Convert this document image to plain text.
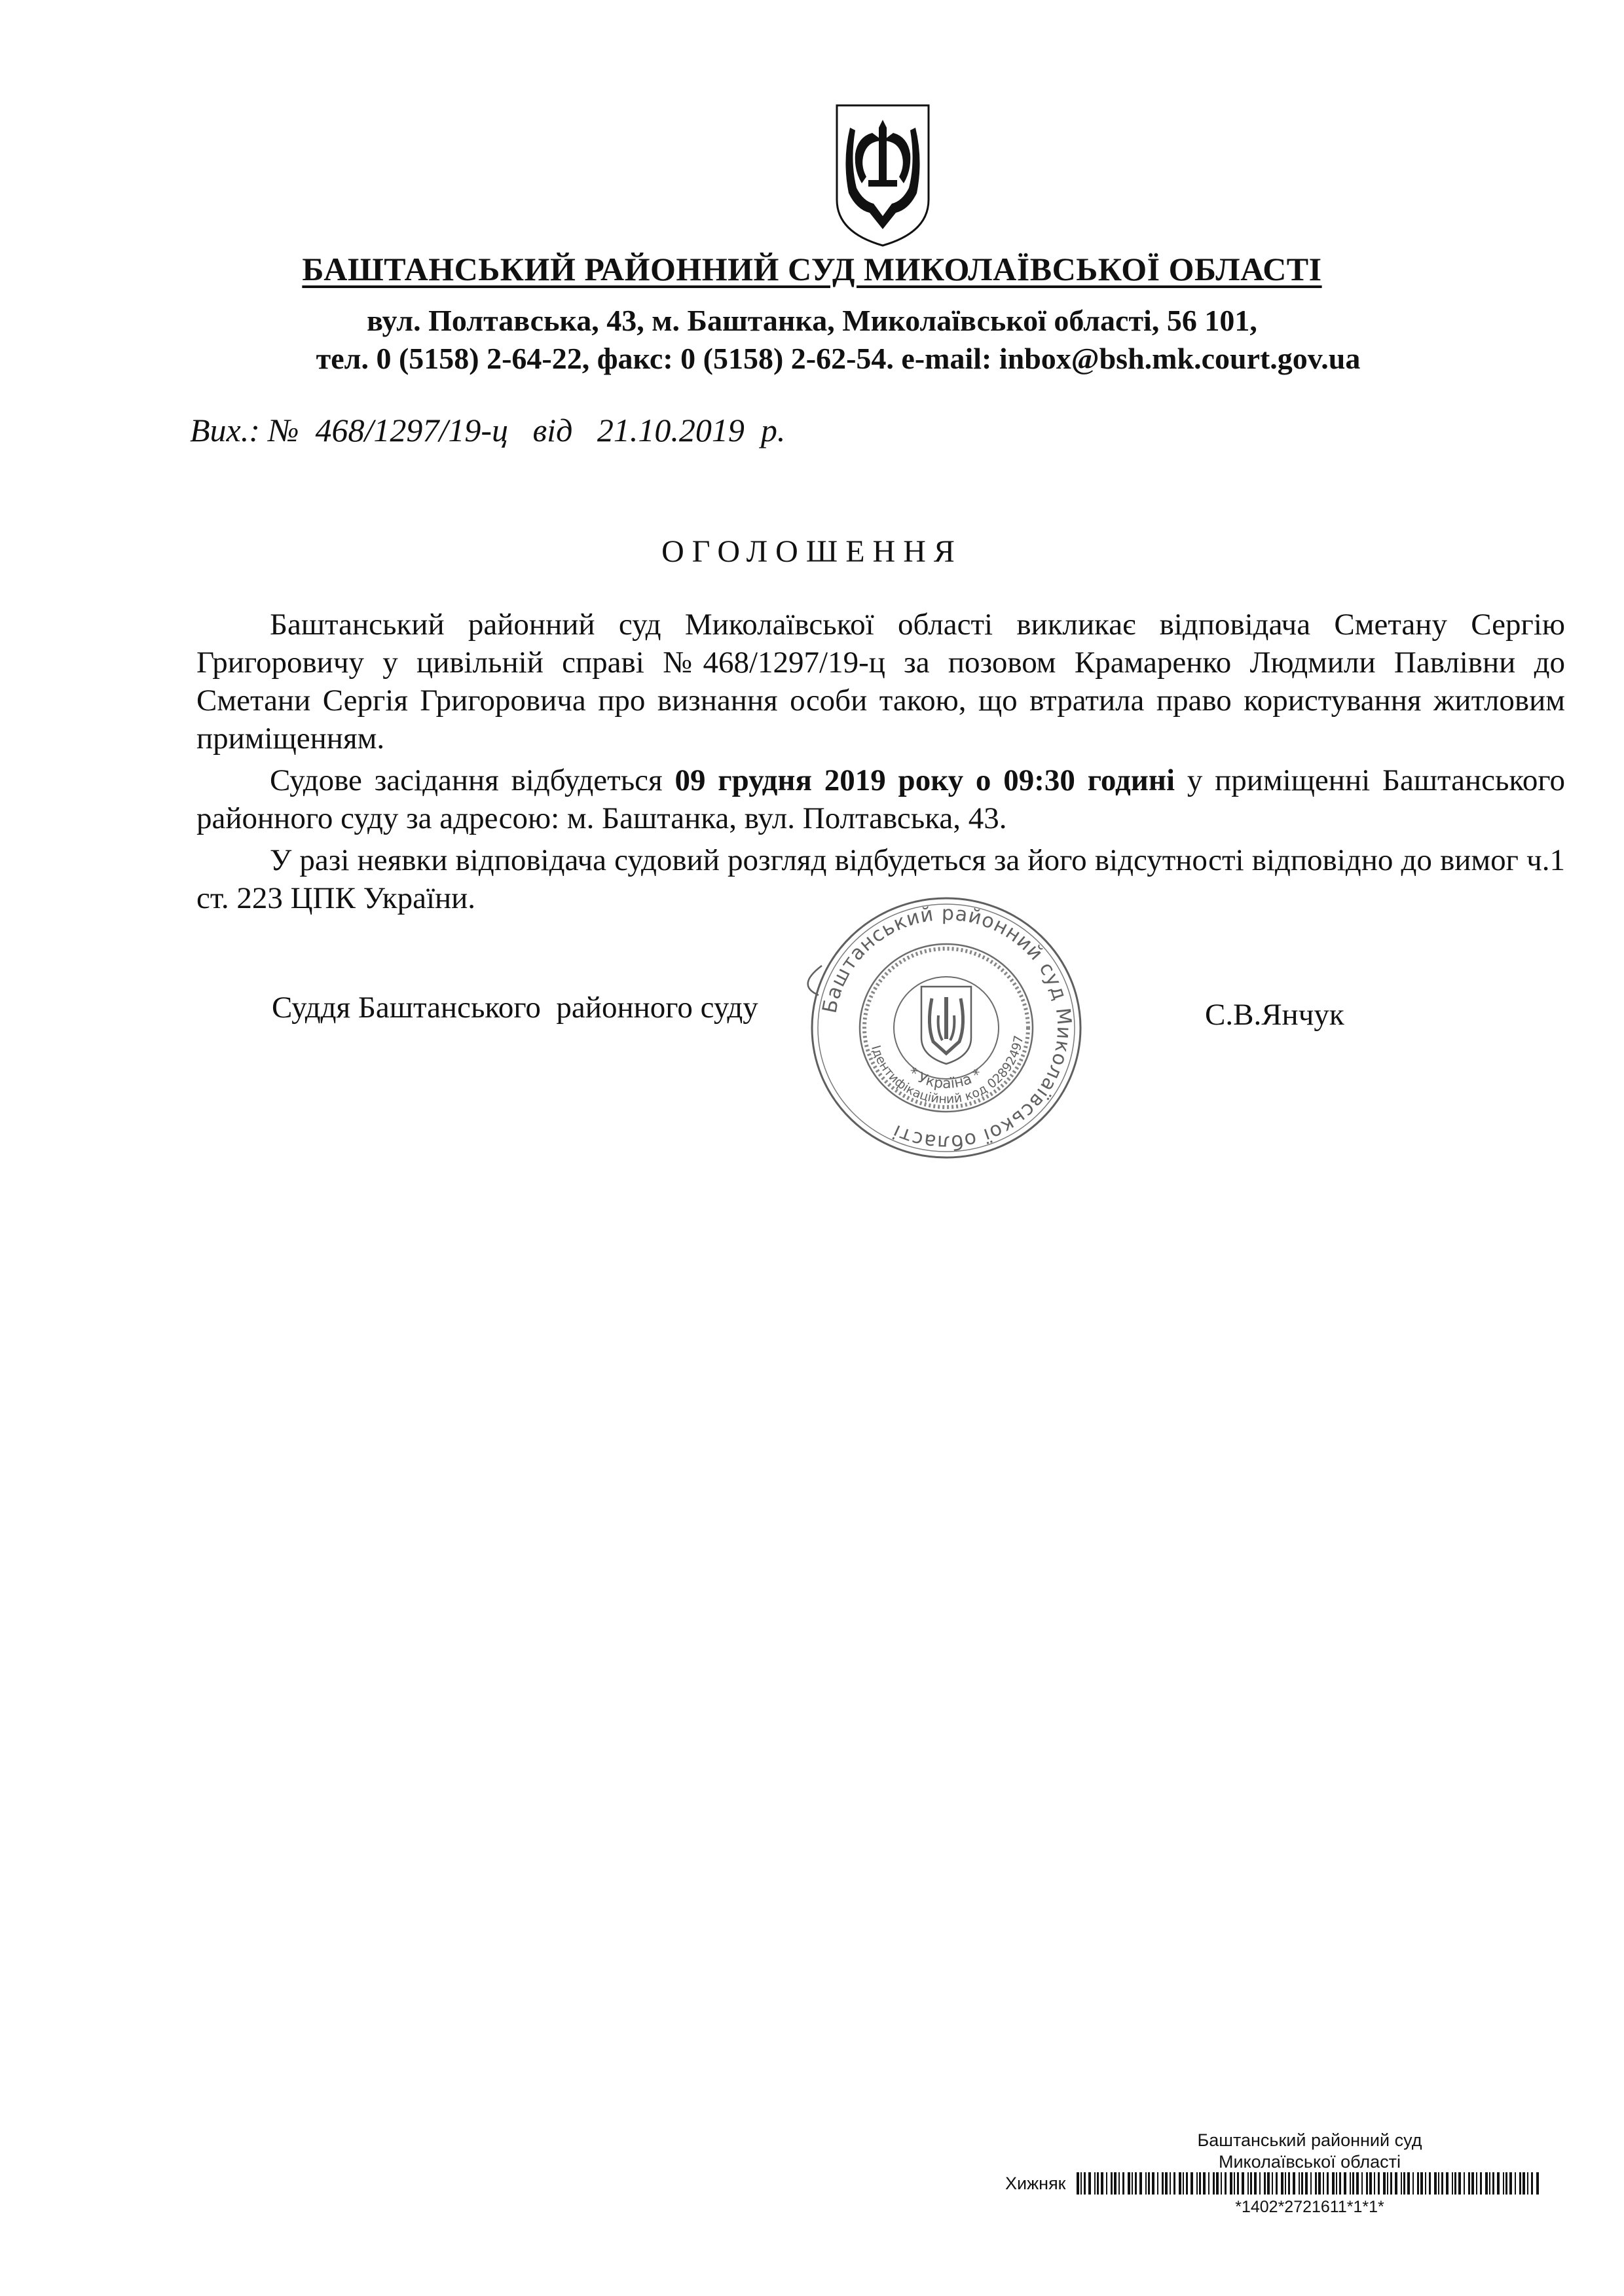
БАШТАНСЬКИЙ РАЙОННИЙ СУД МИКОЛАЇВСЬКОЇ ОБЛАСТІ
вул. Полтавська, 43, м. Баштанка, Миколаївської області, 56 101,
тел. 0 (5158) 2-64-22, факс: 0 (5158) 2-62-54. e-mail: inbox@bsh.mk.court.gov.ua
Вих.: № 468/1297/19-ц від 21.10.2019 р.
ОГОЛОШЕННЯ

Баштанський районний суд Миколаївської області викликає відповідача Сметану Сергію Григоровичу у цивільній справі №468/1297/19-ц за позовом Крамаренко Людмили Павлівни до Сметани Сергія Григоровича про визнання особи такою, що втратила право користування житловим приміщенням.

Судове засідання відбудеться 09 грудня 2019 року о 09:30 годині у приміщенні Баштанського районного суду за адресою: м. Баштанка, вул. Полтавська, 43.

У разі неявки відповідача судовий розгляд відбудеться за його відсутності відповідно до вимог ч.1 ст. 223 ЦПК України.

Суддя Баштанського  районного суду	С.В.Янчук
Баштанський районний суд Миколаївської області
Ідентифікаційний код 02892497
* Україна *
Баштанський районний суд
Миколаївської області
Хижняк
*1402*2721611*1*1*
